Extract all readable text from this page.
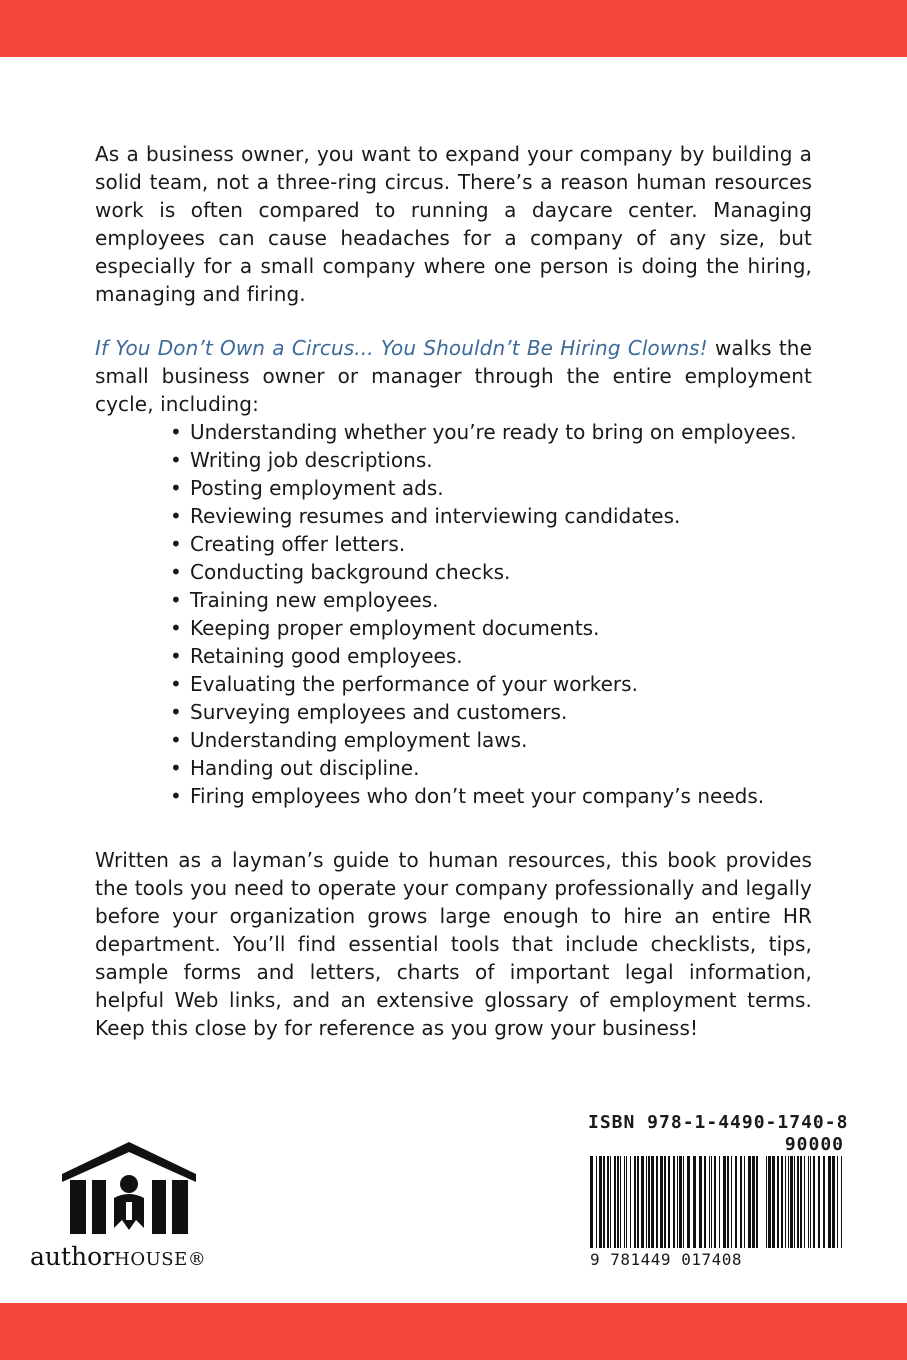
As a business owner, you want to expand your company by building a solid team, not a three-ring circus. There’s a reason human resources work is often compared to running a daycare center. Managing employees can cause headaches for a company of any size, but especially for a small company where one person is doing the hiring, managing and firing.

If You Don’t Own a Circus... You Shouldn’t Be Hiring Clowns! walks the small business owner or manager through the entire employment cycle, including:

• Understanding whether you’re ready to bring on employees.
• Writing job descriptions.
• Posting employment ads.
• Reviewing resumes and interviewing candidates.
• Creating offer letters.
• Conducting background checks.
• Training new employees.
• Keeping proper employment documents.
• Retaining good employees.
• Evaluating the performance of your workers.
• Surveying employees and customers.
• Understanding employment laws.
• Handing out discipline.
• Firing employees who don’t meet your company’s needs.

Written as a layman’s guide to human resources, this book provides the tools you need to operate your company professionally and legally before your organization grows large enough to hire an entire HR department. You’ll find essential tools that include checklists, tips, sample forms and letters, charts of important legal information, helpful Web links, and an extensive glossary of employment terms. Keep this close by for reference as you grow your business!

authorHOUSE®
ISBN 978-1-4490-1740-8
90000
9 781449 017408
